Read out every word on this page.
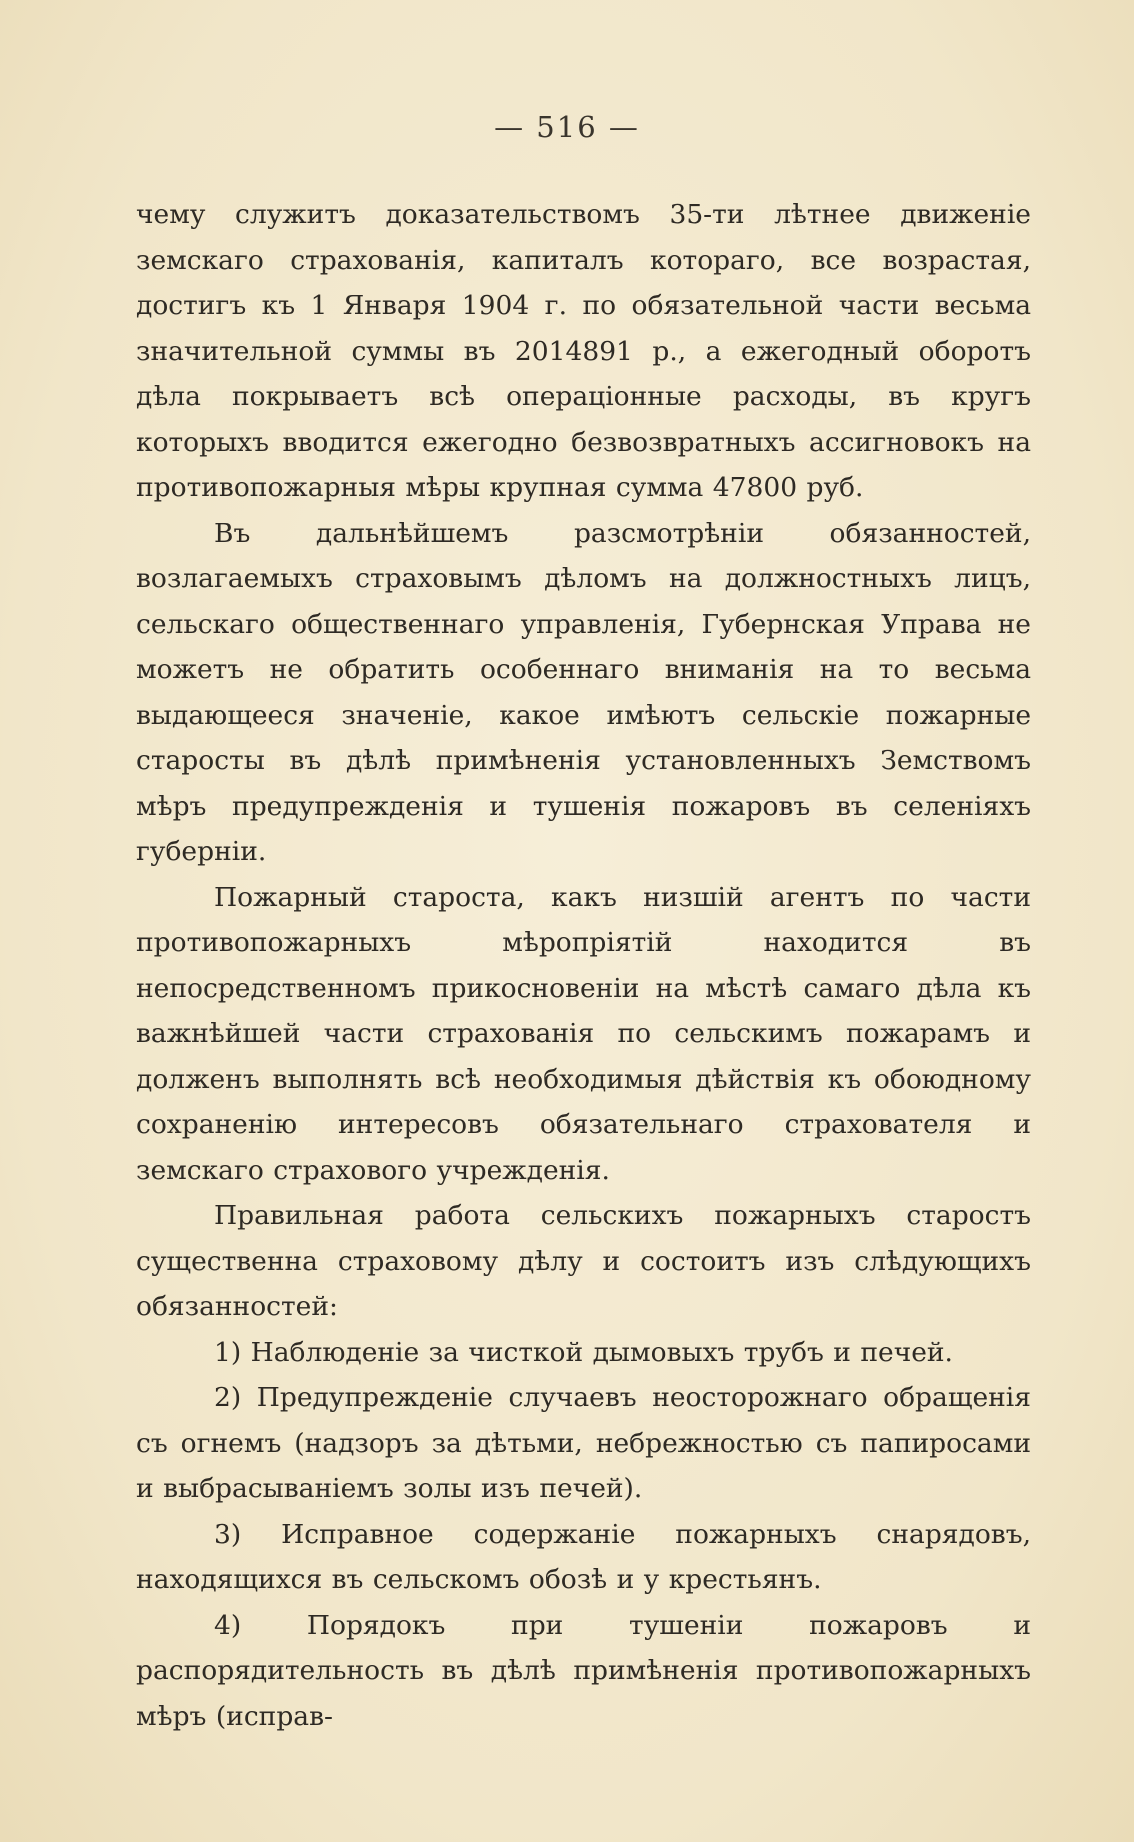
— 516 —

чему служитъ доказательствомъ 35-ти лѣтнее движеніе земскаго страхованія, капиталъ котораго, все возрастая, достигъ къ 1 Января 1904 г. по обязательной части весьма значительной суммы въ 2014891 р., а ежегодный оборотъ дѣла покрываетъ всѣ операціонные расходы, въ кругъ которыхъ вводится ежегодно безвозвратныхъ ассигновокъ на противопожарныя мѣры крупная сумма 47800 руб.

Въ дальнѣйшемъ разсмотрѣніи обязанностей, возлагаемыхъ страховымъ дѣломъ на должностныхъ лицъ, сельскаго общественнаго управленія, Губернская Управа не можетъ не обратить особеннаго вниманія на то весьма выдающееся значеніе, какое имѣютъ сельскіе пожарные старосты въ дѣлѣ примѣненія установленныхъ Земствомъ мѣръ предупрежденія и тушенія пожаровъ въ селеніяхъ губерніи.

Пожарный староста, какъ низшій агентъ по части противопожарныхъ мѣропріятій находится въ непосредственномъ прикосновеніи на мѣстѣ самаго дѣла къ важнѣйшей части страхованія по сельскимъ пожарамъ и долженъ выполнять всѣ необходимыя дѣйствія къ обоюдному сохраненію интересовъ обязательнаго страхователя и земскаго страхового учрежденія.

Правильная работа сельскихъ пожарныхъ старостъ существенна страховому дѣлу и состоитъ изъ слѣдующихъ обязанностей:

1) Наблюденіе за чисткой дымовыхъ трубъ и печей.

2) Предупрежденіе случаевъ неосторожнаго обращенія съ огнемъ (надзоръ за дѣтьми, небрежностью съ папиросами и выбрасываніемъ золы изъ печей).

3) Исправное содержаніе пожарныхъ снарядовъ, находящихся въ сельскомъ обозѣ и у крестьянъ.

4) Порядокъ при тушеніи пожаровъ и распорядительность въ дѣлѣ примѣненія противопожарныхъ мѣръ (исправ-
